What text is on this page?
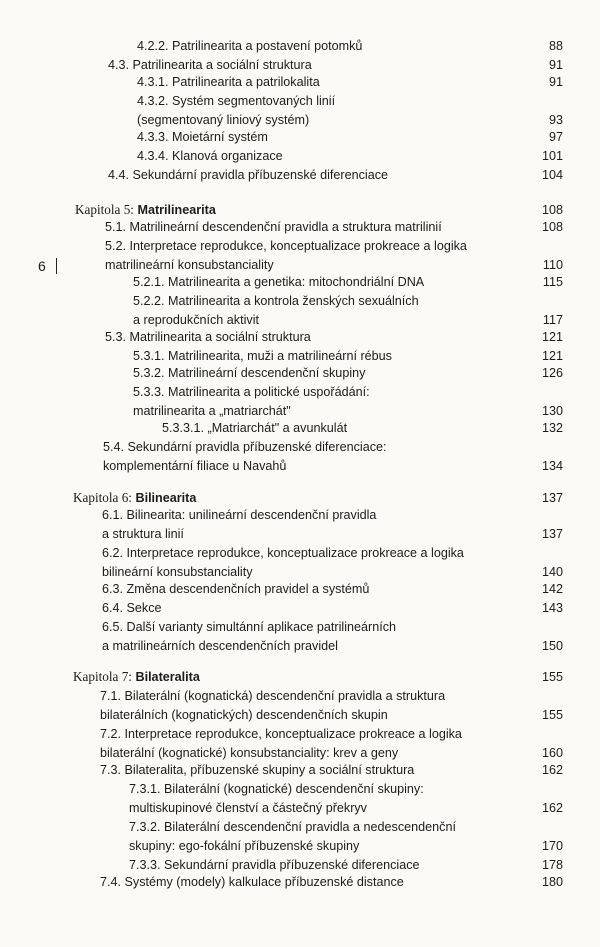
6
4.2.2. Patrilinearita a postavení potomků	88
4.3. Patrilinearita a sociální struktura	91
4.3.1. Patrilinearita a patrilokalita	91
4.3.2. Systém segmentovaných linií
(segmentovaný liniový systém)	93
4.3.3. Moietární systém	97
4.3.4. Klanová organizace	101
4.4. Sekundární pravidla příbuzenské diferenciace	104
Kapitola 5: Matrilinearita	108
5.1. Matrilineární descendenční pravidla a struktura matrilinií	108
5.2. Interpretace reprodukce, konceptualizace prokreace a logika
matrilineární konsubstanciality	110
5.2.1. Matrilinearita a genetika: mitochondriální DNA	115
5.2.2. Matrilinearita a kontrola ženských sexuálních
a reprodukčních aktivit	117
5.3. Matrilinearita a sociální struktura	121
5.3.1. Matrilinearita, muži a matrilineární rébus	121
5.3.2. Matrilineární descendenční skupiny	126
5.3.3. Matrilinearita a politické uspořádání:
matrilinearita a „matriarchát"	130
5.3.3.1. „Matriarchát" a avunkulát	132
5.4. Sekundární pravidla příbuzenské diferenciace:
komplementární filiace u Navahů	134
Kapitola 6: Bilinearita	137
6.1. Bilinearita: unilineární descendenční pravidla
a struktura linií	137
6.2. Interpretace reprodukce, konceptualizace prokreace a logika
bilineární konsubstanciality	140
6.3. Změna descendenčních pravidel a systémů	142
6.4. Sekce	143
6.5. Další varianty simultánní aplikace patrilineárních
a matrilineárních descendenčních pravidel	150
Kapitola 7: Bilateralita	155
7.1. Bilaterální (kognatická) descendenční pravidla a struktura
bilaterálních (kognatických) descendenčních skupin	155
7.2. Interpretace reprodukce, konceptualizace prokreace a logika
bilaterální (kognatické) konsubstanciality: krev a geny	160
7.3. Bilateralita, příbuzenské skupiny a sociální struktura	162
7.3.1. Bilaterální (kognatické) descendenční skupiny:
multiskupinové členství a částečný překryv	162
7.3.2. Bilaterální descendenční pravidla a nedescendenční
skupiny: ego-fokální příbuzenské skupiny	170
7.3.3. Sekundární pravidla příbuzenské diferenciace	178
7.4. Systémy (modely) kalkulace příbuzenské distance	180
